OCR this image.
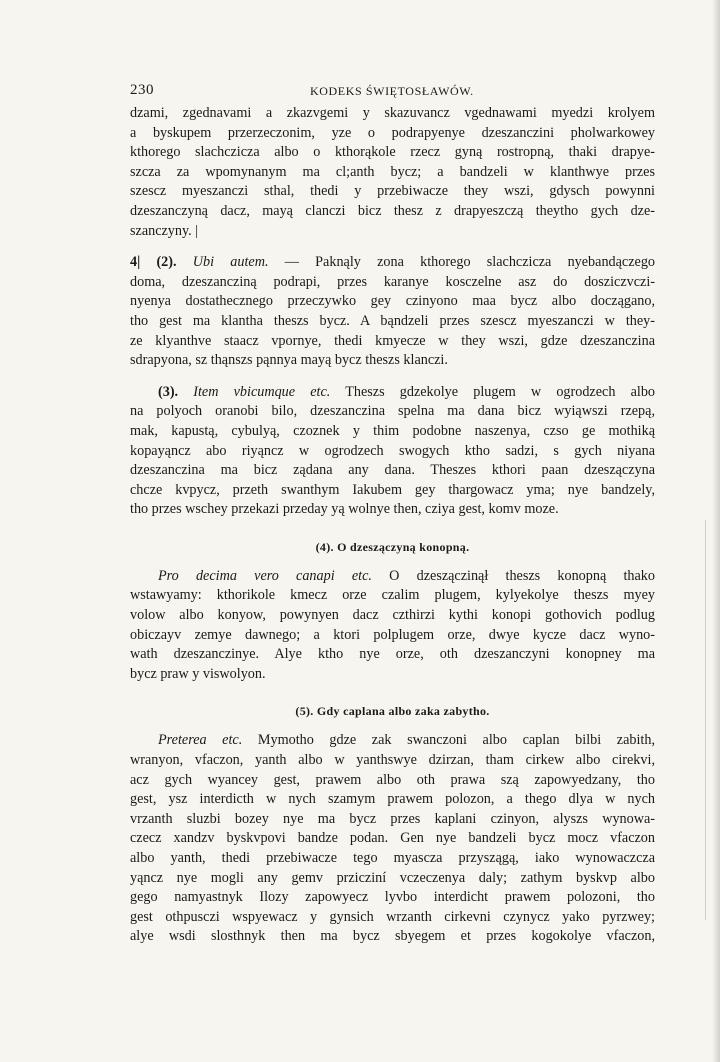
230	KODEKS ŚWIĘTOSŁAWÓW.

dzami, zgednavami a zkazvgemi y skazuvancz vgednawami myedzi krolyem
a byskupem przerzeczonim, yze o podrapyenye dzeszanczini pholwarkowey
kthorego slachczicza albo o kthorąkole rzecz gyną rostropną, thaki drapye-
szcza za wpomynanym ma cl;anth bycz; a bandzeli w klanthwye przes
szescz myeszanczi sthal, thedi y przebiwacze they wszi, gdysch powynni
dzeszanczyną dacz, mayą clanczi bicz thesz z drapyeszczą theytho gych dze-
szanczyny. |

4| (2). Ubi autem. — Paknąly zona kthorego slachczicza nyebandączego
doma, dzeszancziną podrapi, przes karanye kosczelne asz do dosziczvczi-
nyenya dostathecznego przeczywko gey czinyono maa bycz albo doczągano,
tho gest ma klantha theszs bycz. A bąndzeli przes szescz myeszanczi w they-
ze klyanthve staacz vpornye, thedi kmyecze w they wszi, gdze dzeszanczina
sdrapyona, sz thąnszs pąnnya mayą bycz theszs klanczi.

(3). Item vbicumque etc. Theszs gdzekolye plugem w ogrodzech albo
na polyoch oranobi bilo, dzeszanczina spelna ma dana bicz wyiąwszi rzepą,
mak, kapustą, cybulyą, czoznek y thim podobne naszenya, czso ge mothiką
kopayąncz abo riyąncz w ogrodzech swogych ktho sadzi, s gych niyana
dzeszanczina ma bicz ządana any dana. Theszes kthori paan dzeszączyna
chcze kvpycz, przeth swanthym Iakubem gey thargowacz yma; nye bandzely,
tho przes wschey przekazi przeday yą wolnye then, cziya gest, komv moze.

(4). O dzeszączyną konopną.

Pro decima vero canapi etc. O dzeszączinął theszs konopną thako
wstawyamy: kthorikole kmecz orze czalim plugem, kylyekolye theszs myey
volow albo konyow, powynyen dacz czthirzi kythi konopi gothovich podlug
obiczayv zemye dawnego; a ktori polplugem orze, dwye kycze dacz wyno-
wath dzeszanczinye. Alye ktho nye orze, oth dzeszanczyni konopney ma
bycz praw y viswolyon.

(5). Gdy caplana albo zaka zabytho.

Preterea etc. Mymotho gdze zak swanczoni albo caplan bilbi zabith,
wranyon, vfaczon, yanth albo w yanthswye dzirzan, tham cirkew albo cirekvi,
acz gych wyancey gest, prawem albo oth prawa szą zapowyedzany, tho
gest, ysz interdicth w nych szamym prawem polozon, a thego dlya w nych
vrzanth sluzbi bozey nye ma bycz przes kaplani czinyon, alyszs wynowa-
czecz xandzv byskvpovi bandze podan. Gen nye bandzeli bycz mocz vfaczon
albo yanth, thedi przebiwacze tego myascza przyszągą, iako wynowaczcza
yąncz nye mogli any gemv przicziní vczeczenya daly; zathym byskvp albo
gego namyastnyk Ilozy zapowyecz lyvbo interdicht prawem polozoni, tho
gest othpusczi wspyewacz y gynsich wrzanth cirkevni czynycz yako pyrzwey;
alye wsdi slosthnyk then ma bycz sbyegem et przes kogokolye vfaczon,
